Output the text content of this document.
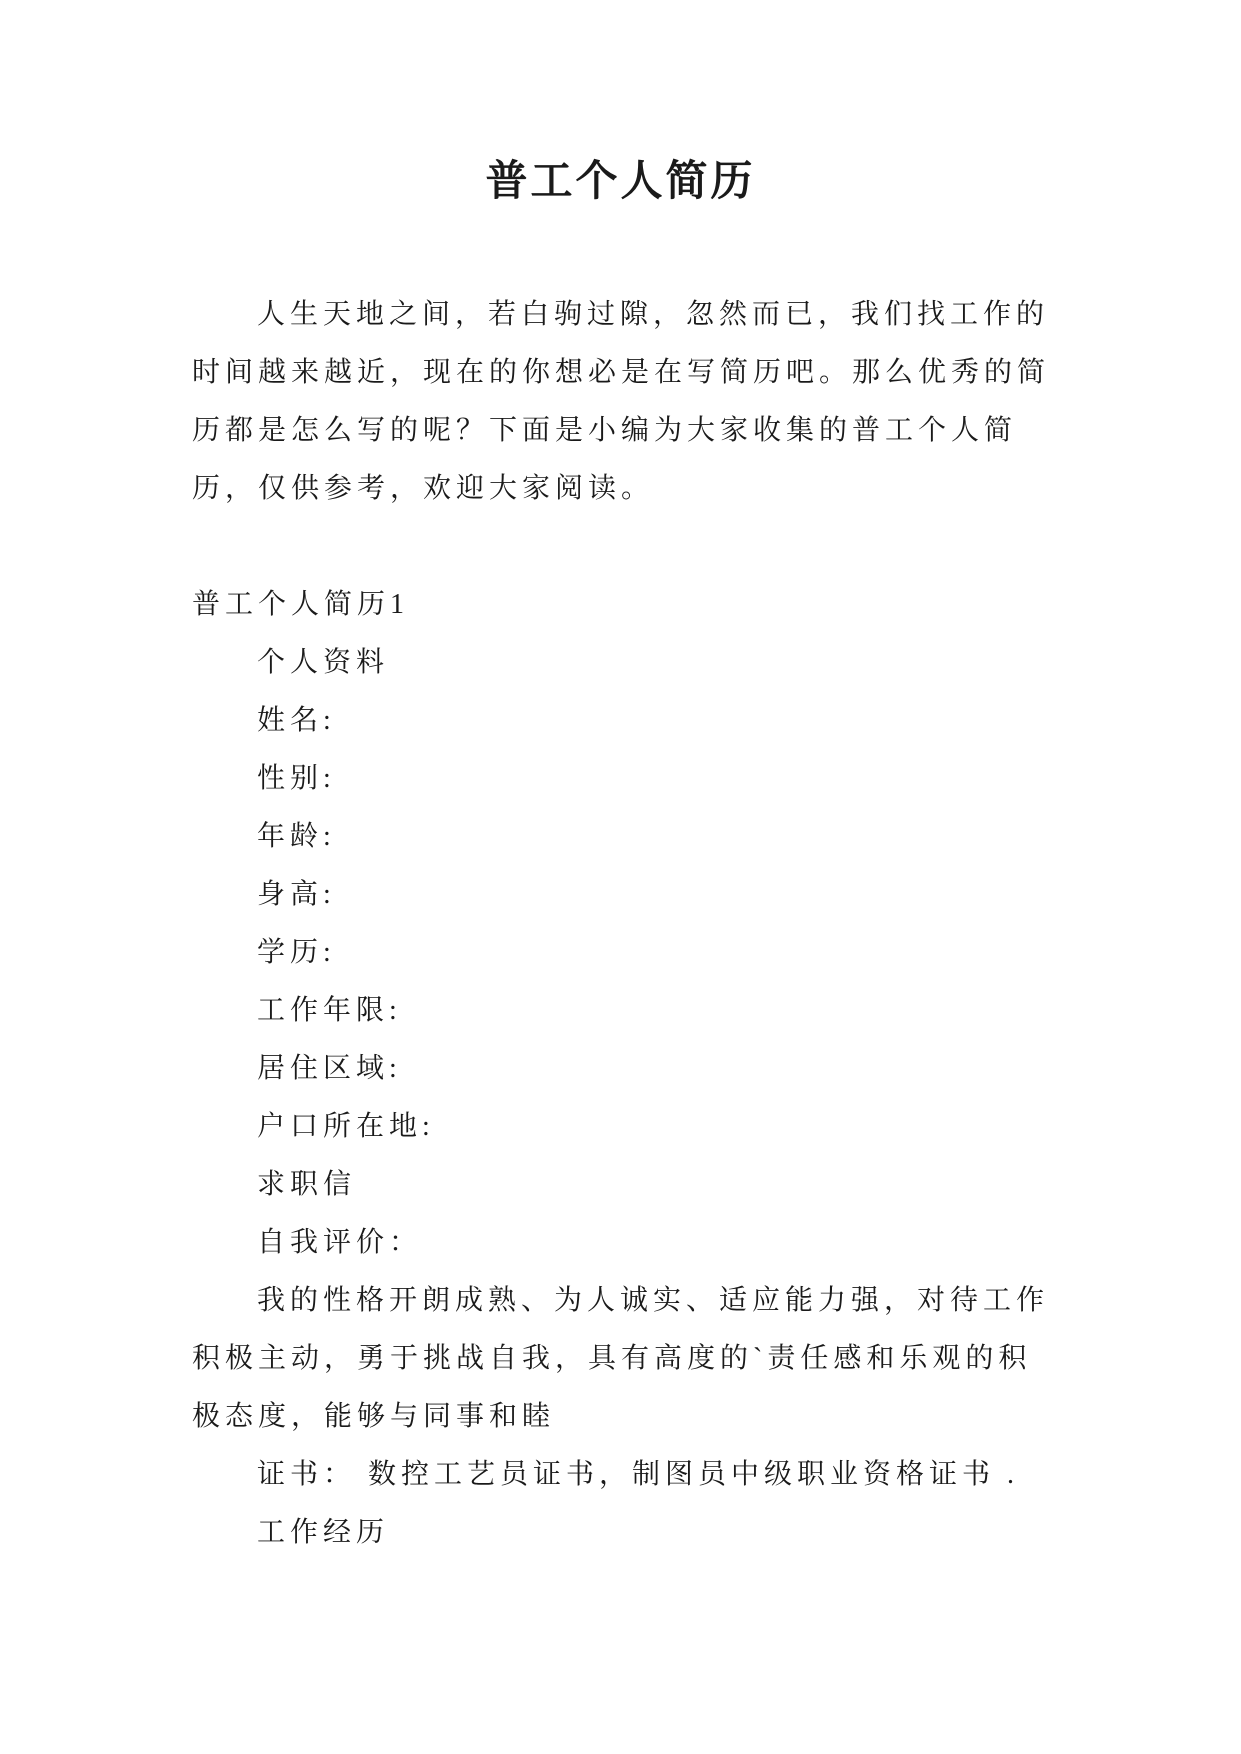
普工个人简历
人生天地之间，若白驹过隙，忽然而已，我们找工作的
时间越来越近，现在的你想必是在写简历吧。那么优秀的简
历都是怎么写的呢？下面是小编为大家收集的普工个人简
历，仅供参考，欢迎大家阅读。
普工个人简历1
个人资料
姓名:
性别:
年龄:
身高:
学历:
工作年限:
居住区域:
户口所在地:
求职信
自我评价：
我的性格开朗成熟、为人诚实、适应能力强，对待工作
积极主动，勇于挑战自我，具有高度的`责任感和乐观的积
极态度，能够与同事和睦
证书： 数控工艺员证书，制图员中级职业资格证书 .
工作经历
